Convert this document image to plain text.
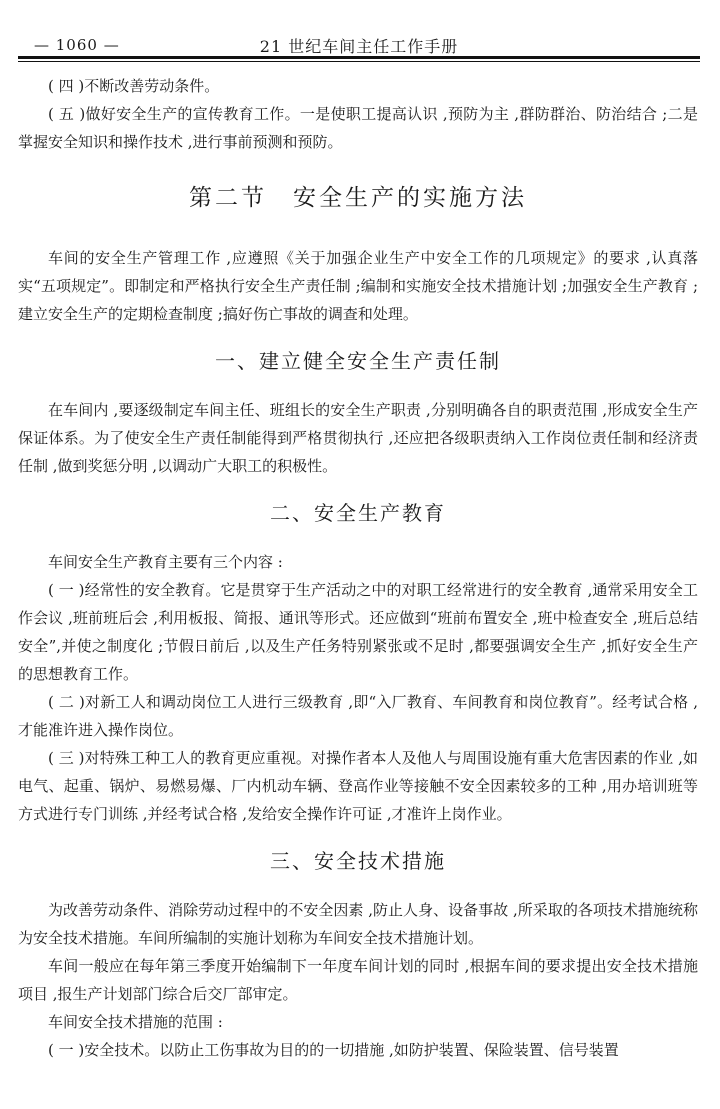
— 1060 —	21 世纪车间主任工作手册

( 四 )不断改善劳动条件。

( 五 )做好安全生产的宣传教育工作。一是使职工提高认识 ,预防为主 ,群防群治、防治结合 ;二是掌握安全知识和操作技术 ,进行事前预测和预防。

第二节　安全生产的实施方法

车间的安全生产管理工作 ,应遵照《关于加强企业生产中安全工作的几项规定》的要求 ,认真落实“五项规定”。即制定和严格执行安全生产责任制 ;编制和实施安全技术措施计划 ;加强安全生产教育 ;建立安全生产的定期检查制度 ;搞好伤亡事故的调查和处理。

一、建立健全安全生产责任制

在车间内 ,要逐级制定车间主任、班组长的安全生产职责 ,分别明确各自的职责范围 ,形成安全生产保证体系。为了使安全生产责任制能得到严格贯彻执行 ,还应把各级职责纳入工作岗位责任制和经济责任制 ,做到奖惩分明 ,以调动广大职工的积极性。

二、安全生产教育

车间安全生产教育主要有三个内容 :

( 一 )经常性的安全教育。它是贯穿于生产活动之中的对职工经常进行的安全教育 ,通常采用安全工作会议 ,班前班后会 ,利用板报、简报、通讯等形式。还应做到“班前布置安全 ,班中检查安全 ,班后总结安全”,并使之制度化 ;节假日前后 ,以及生产任务特别紧张或不足时 ,都要强调安全生产 ,抓好安全生产的思想教育工作。

( 二 )对新工人和调动岗位工人进行三级教育 ,即“入厂教育、车间教育和岗位教育”。经考试合格 ,才能准许进入操作岗位。

( 三 )对特殊工种工人的教育更应重视。对操作者本人及他人与周围设施有重大危害因素的作业 ,如电气、起重、锅炉、易燃易爆、厂内机动车辆、登高作业等接触不安全因素较多的工种 ,用办培训班等方式进行专门训练 ,并经考试合格 ,发给安全操作许可证 ,才准许上岗作业。

三、安全技术措施

为改善劳动条件、消除劳动过程中的不安全因素 ,防止人身、设备事故 ,所采取的各项技术措施统称为安全技术措施。车间所编制的实施计划称为车间安全技术措施计划。

车间一般应在每年第三季度开始编制下一年度车间计划的同时 ,根据车间的要求提出安全技术措施项目 ,报生产计划部门综合后交厂部审定。

车间安全技术措施的范围 :

( 一 )安全技术。以防止工伤事故为目的的一切措施 ,如防护装置、保险装置、信号装置
